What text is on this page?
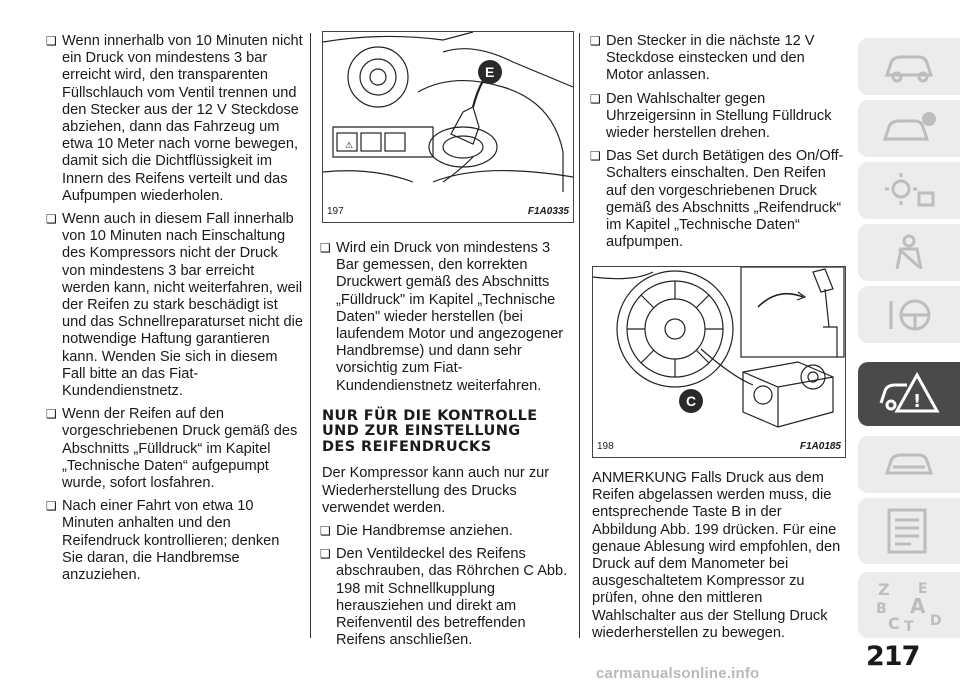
❑ Wenn innerhalb von 10 Minuten nicht ein Druck von mindestens 3 bar erreicht wird, den transparenten Füllschlauch vom Ventil trennen und den Stecker aus der 12 V Steckdose abziehen, dann das Fahrzeug um etwa 10 Meter nach vorne bewegen, damit sich die Dichtflüssigkeit im Innern des Reifens verteilt und das Aufpumpen wiederholen.
❑ Wenn auch in diesem Fall innerhalb von 10 Minuten nach Einschaltung des Kompressors nicht der Druck von mindestens 3 bar erreicht werden kann, nicht weiterfahren, weil der Reifen zu stark beschädigt ist und das Schnellreparaturset nicht die notwendige Haftung garantieren kann. Wenden Sie sich in diesem Fall bitte an das Fiat-Kundendienstnetz.
❑ Wenn der Reifen auf den vorgeschriebenen Druck gemäß des Abschnitts „Fülldruck“ im Kapitel „Technische Daten“ aufgepumpt wurde, sofort losfahren.
❑ Nach einer Fahrt von etwa 10 Minuten anhalten und den Reifendruck kontrollieren; denken Sie daran, die Handbremse anzuziehen.
⚠
E
197	F1A0335
❑ Wird ein Druck von mindestens 3 Bar gemessen, den korrekten Druckwert gemäß des Abschnitts „Fülldruck" im Kapitel „Technische Daten" wieder herstellen (bei laufendem Motor und angezogener Handbremse) und dann sehr vorsichtig zum Fiat-Kundendienstnetz weiterfahren.
NUR FÜR DIE KONTROLLE
UND ZUR EINSTELLUNG
DES REIFENDRUCKS
Der Kompressor kann auch nur zur Wiederherstellung des Drucks verwendet werden.
❑ Die Handbremse anziehen.
❑ Den Ventildeckel des Reifens abschrauben, das Röhrchen C Abb. 198 mit Schnellkupplung herausziehen und direkt am Reifenventil des betreffenden Reifens anschließen.
❑ Den Stecker in die nächste 12 V Steckdose einstecken und den Motor anlassen.
❑ Den Wahlschalter gegen Uhrzeigersinn in Stellung Fülldruck wieder herstellen drehen.
❑ Das Set durch Betätigen des On/Off-Schalters einschalten. Den Reifen auf den vorgeschriebenen Druck gemäß des Abschnitts „Reifendruck“ im Kapitel „Technische Daten“ aufpumpen.
C
198	F1A0185
ANMERKUNG Falls Druck aus dem Reifen abgelassen werden muss, die entsprechende Taste B in der Abbildung Abb. 199 drücken. Für eine genaue Ablesung wird empfohlen, den Druck auf dem Manometer bei ausgeschaltetem Kompressor zu prüfen, ohne den mittleren Wahlschalter aus der Stellung Druck wiederherstellen zu bewegen.
!
Z E
A
B
C T D
217
carmanualsonline.info
